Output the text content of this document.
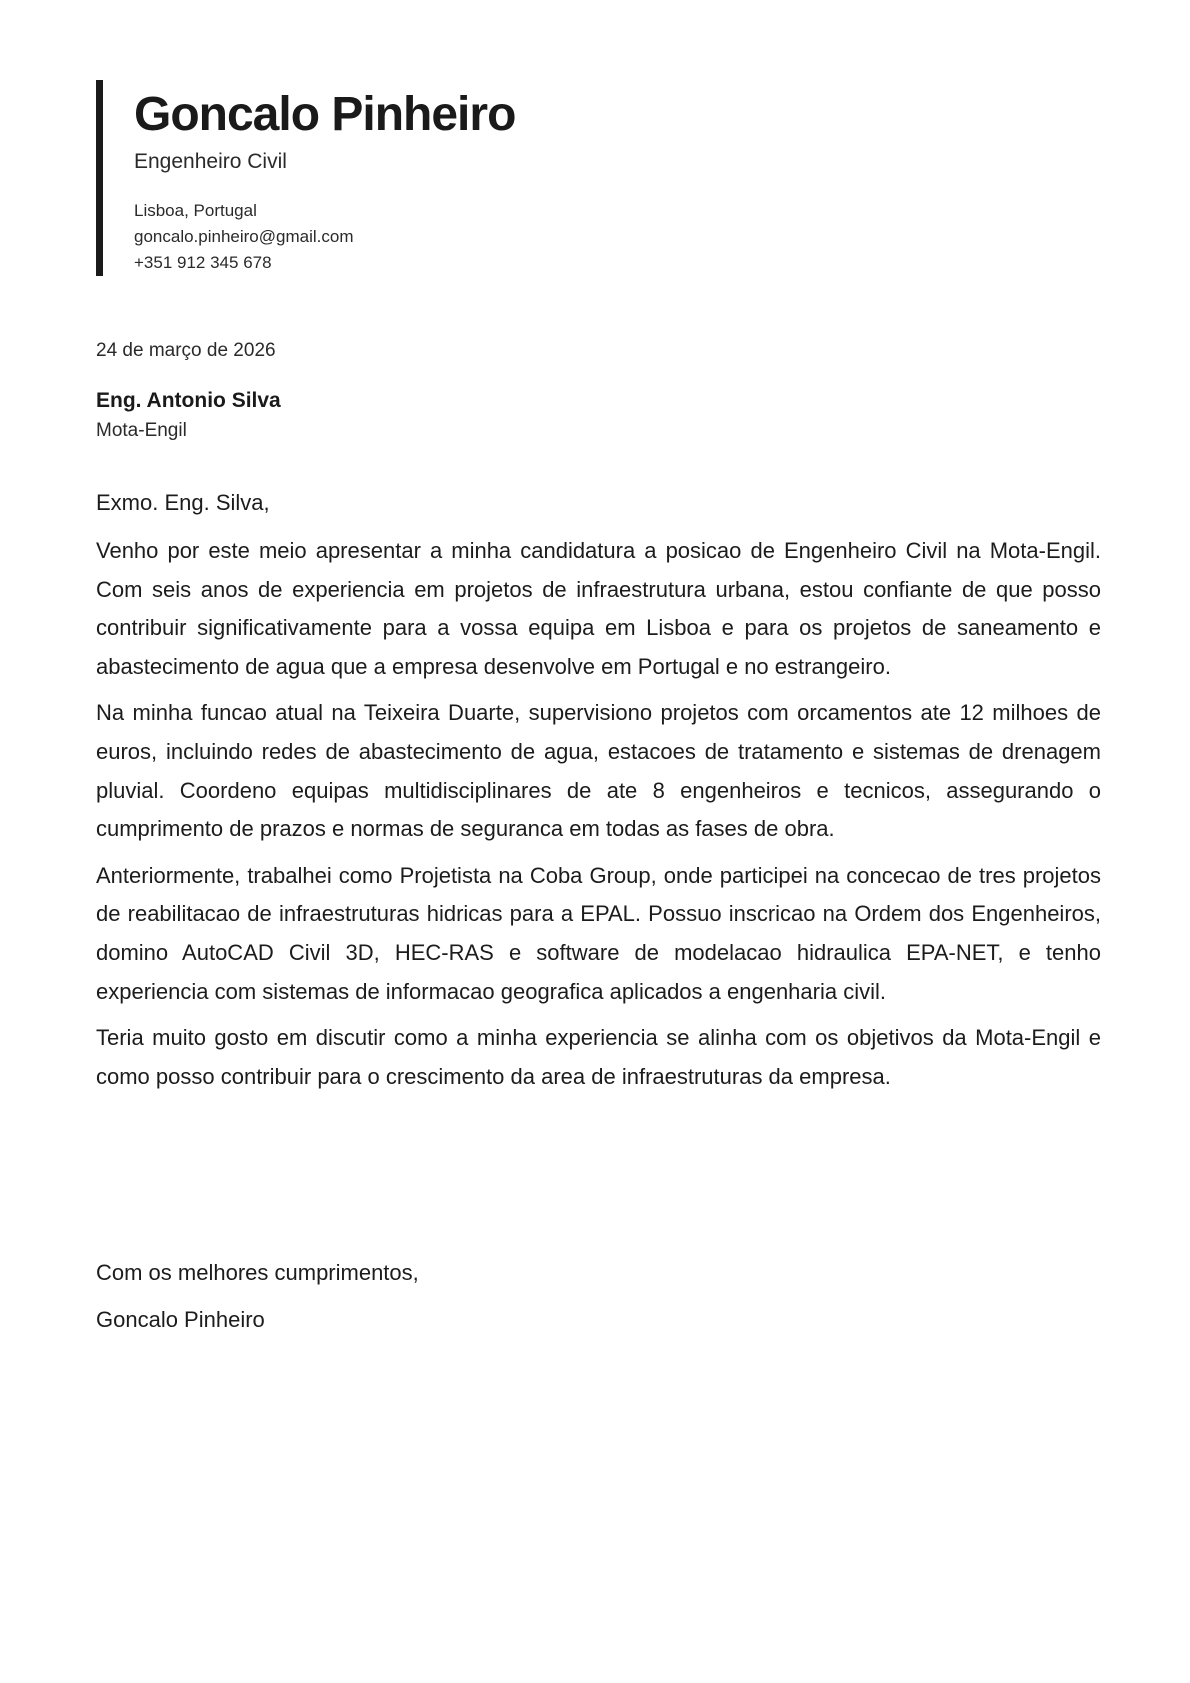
Goncalo Pinheiro
Engenheiro Civil
Lisboa, Portugal
goncalo.pinheiro@gmail.com
+351 912 345 678
24 de março de 2026
Eng. Antonio Silva
Mota-Engil
Exmo. Eng. Silva,

Venho por este meio apresentar a minha candidatura a posicao de Engenheiro Civil na Mota-Engil. Com seis anos de experiencia em projetos de infraestrutura urbana, estou confiante de que posso contribuir significativamente para a vossa equipa em Lisboa e para os projetos de saneamento e abastecimento de agua que a empresa desenvolve em Portugal e no estrangeiro.

Na minha funcao atual na Teixeira Duarte, supervisiono projetos com orcamentos ate 12 milhoes de euros, incluindo redes de abastecimento de agua, estacoes de tratamento e sistemas de drenagem pluvial. Coordeno equipas multidisciplinares de ate 8 engenheiros e tecnicos, assegurando o cumprimento de prazos e normas de seguranca em todas as fases de obra.

Anteriormente, trabalhei como Projetista na Coba Group, onde participei na concecao de tres projetos de reabilitacao de infraestruturas hidricas para a EPAL. Possuo inscricao na Ordem dos Engenheiros, domino AutoCAD Civil 3D, HEC-RAS e software de modelacao hidraulica EPA-NET, e tenho experiencia com sistemas de informacao geografica aplicados a engenharia civil.

Teria muito gosto em discutir como a minha experiencia se alinha com os objetivos da Mota-Engil e como posso contribuir para o crescimento da area de infraestruturas da empresa.

Com os melhores cumprimentos,
Goncalo Pinheiro
